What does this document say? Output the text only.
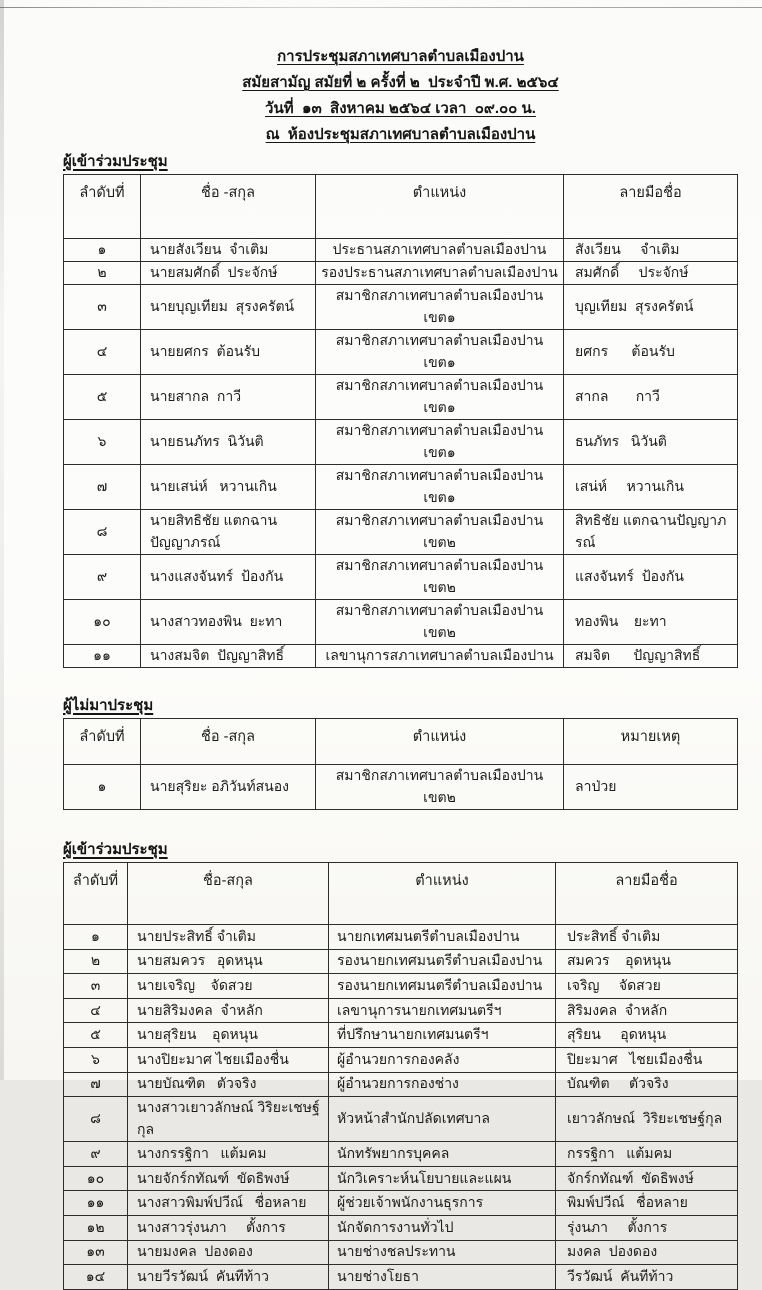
การประชุมสภาเทศบาลตำบลเมืองปาน
สมัยสามัญ สมัยที่ ๒ ครั้งที่ ๒  ประจำปี พ.ศ. ๒๕๖๔
วันที่  ๑๓  สิงหาคม ๒๕๖๔ เวลา  ๐๙.๐๐ น.
ณ  ห้องประชุมสภาเทศบาลตำบลเมืองปาน
ผู้เข้าร่วมประชุม
ลำดับที่	ชื่อ -สกุล	ตำแหน่ง	ลายมือชื่อ
๑	นายสังเวียน  จำเติม	ประธานสภาเทศบาลตำบลเมืองปาน	สังเวียน     จำเติม
๒	นายสมศักดิ์  ประจักษ์	รองประธานสภาเทศบาลตำบลเมืองปาน	สมศักดิ์     ประจักษ์
๓	นายบุญเทียม  สุรงครัตน์	สมาชิกสภาเทศบาลตำบลเมืองปานเขต๑	บุญเทียม  สุรงครัตน์
๔	นายยศกร  ต้อนรับ	สมาชิกสภาเทศบาลตำบลเมืองปานเขต๑	ยศกร      ต้อนรับ
๕	นายสากล  กาวี	สมาชิกสภาเทศบาลตำบลเมืองปานเขต๑	สากล       กาวี
๖	นายธนภัทร  นิวันติ	สมาชิกสภาเทศบาลตำบลเมืองปานเขต๑	ธนภัทร   นิวันติ
๗	นายเสน่ห์   หวานเกิน	สมาชิกสภาเทศบาลตำบลเมืองปานเขต๑	เสน่ห์     หวานเกิน
๘	นายสิทธิชัย แตกฉานปัญญาภรณ์	สมาชิกสภาเทศบาลตำบลเมืองปานเขต๒	สิทธิชัย แตกฉานปัญญาภรณ์
๙	นางแสงจันทร์  ป้องกัน	สมาชิกสภาเทศบาลตำบลเมืองปานเขต๒	แสงจันทร์  ป้องกัน
๑๐	นางสาวทองพิน  ยะทา	สมาชิกสภาเทศบาลตำบลเมืองปานเขต๒	ทองพิน    ยะทา
๑๑	นางสมจิต  ปัญญาสิทธิ์	เลขานุการสภาเทศบาลตำบลเมืองปาน	สมจิต      ปัญญาสิทธิ์
ผู้ไม่มาประชุม
ลำดับที่	ชื่อ -สกุล	ตำแหน่ง	หมายเหตุ
๑	นายสุริยะ อภิวันท์สนอง	สมาชิกสภาเทศบาลตำบลเมืองปานเขต๒	ลาป่วย
ผู้เข้าร่วมประชุม
ลำดับที่	ชื่อ-สกุล	ตำแหน่ง	ลายมือชื่อ
๑	นายประสิทธิ์ จำเติม	นายกเทศมนตรีตำบลเมืองปาน	ประสิทธิ์ จำเติม
๒	นายสมควร   อุดหนุน	รองนายกเทศมนตรีตำบลเมืองปาน	สมควร    อุดหนุน
๓	นายเจริญ    จัดสวย	รองนายกเทศมนตรีตำบลเมืองปาน	เจริญ     จัดสวย
๔	นายสิริมงคล  จำหลัก	เลขานุการนายกเทศมนตรีฯ	สิริมงคล  จำหลัก
๕	นายสุริยน    อุดหนุน	ที่ปรึกษานายกเทศมนตรีฯ	สุริยน     อุดหนุน
๖	นางปิยะมาศ ไชยเมืองชื่น	ผู้อำนวยการกองคลัง	ปิยะมาศ   ไชยเมืองชื่น
๗	นายบัณฑิต   ตัวจริง	ผู้อำนวยการกองช่าง	บัณฑิต     ตัวจริง
๘	นางสาวเยาวลักษณ์ วิริยะเชษฐ์กุล	หัวหน้าสำนักปลัดเทศบาล	เยาวลักษณ์  วิริยะเชษฐ์กุล
๙	นางกรรฐิกา   แต้มคม	นักทรัพยากรบุคคล	กรรฐิกา   แต้มคม
๑๐	นายจักร์กทัณฑ์  ขัดธิพงษ์	นักวิเคราะห์นโยบายและแผน	จักร์กทัณฑ์  ขัดธิพงษ์
๑๑	นางสาวพิมพ์ปวีณ์   ชื่อหลาย	ผู้ช่วยเจ้าพนักงานธุรการ	พิมพ์ปวีณ์   ชื่อหลาย
๑๒	นางสาวรุ่งนภา     ตั้งการ	นักจัดการงานทั่วไป	รุ่งนภา     ตั้งการ
๑๓	นายมงคล  ปองดอง	นายช่างชลประทาน	มงคล  ปองดอง
๑๔	นายวีรวัฒน์  คันทีท้าว	นายช่างโยธา	วีรวัฒน์  คันทีท้าว
